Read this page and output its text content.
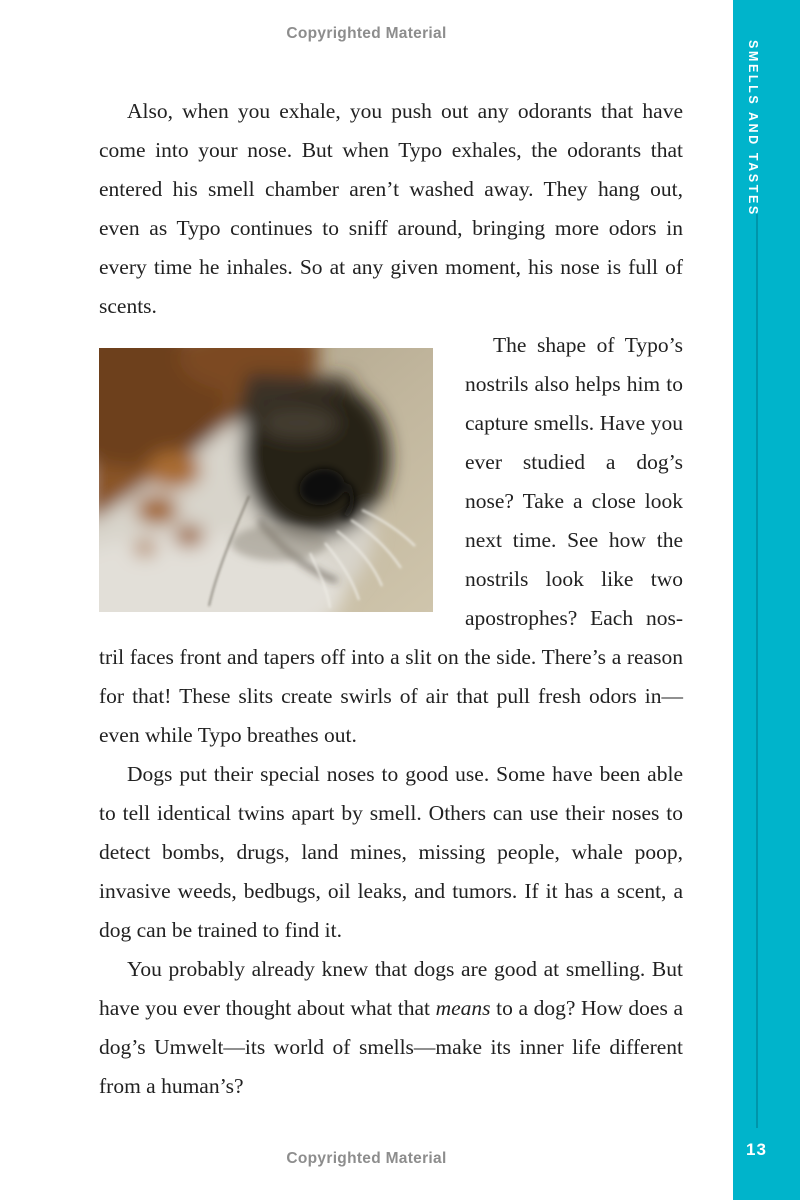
Copyrighted Material
SMELLS AND TASTES
13

Also, when you exhale, you push out any odorants that have come into your nose. But when Typo exhales, the odorants that entered his smell chamber aren’t washed away. They hang out, even as Typo continues to sniff around, bringing more odors in every time he inhales. So at any given moment, his nose is full of scents.

The shape of Typo’s nostrils also helps him to capture smells. Have you ever studied a dog’s nose? Take a close look next time. See how the nostrils look like two apostrophes? Each nostril faces front and tapers off into a slit on the side. There’s a reason for that! These slits create swirls of air that pull fresh odors in—even while Typo breathes out.

Dogs put their special noses to good use. Some have been able to tell identical twins apart by smell. Others can use their noses to detect bombs, drugs, land mines, missing people, whale poop, invasive weeds, bedbugs, oil leaks, and tumors. If it has a scent, a dog can be trained to find it.

You probably already knew that dogs are good at smelling. But have you ever thought about what that means to a dog? How does a dog’s Umwelt—its world of smells—make its inner life different from a human’s?

Copyrighted Material
